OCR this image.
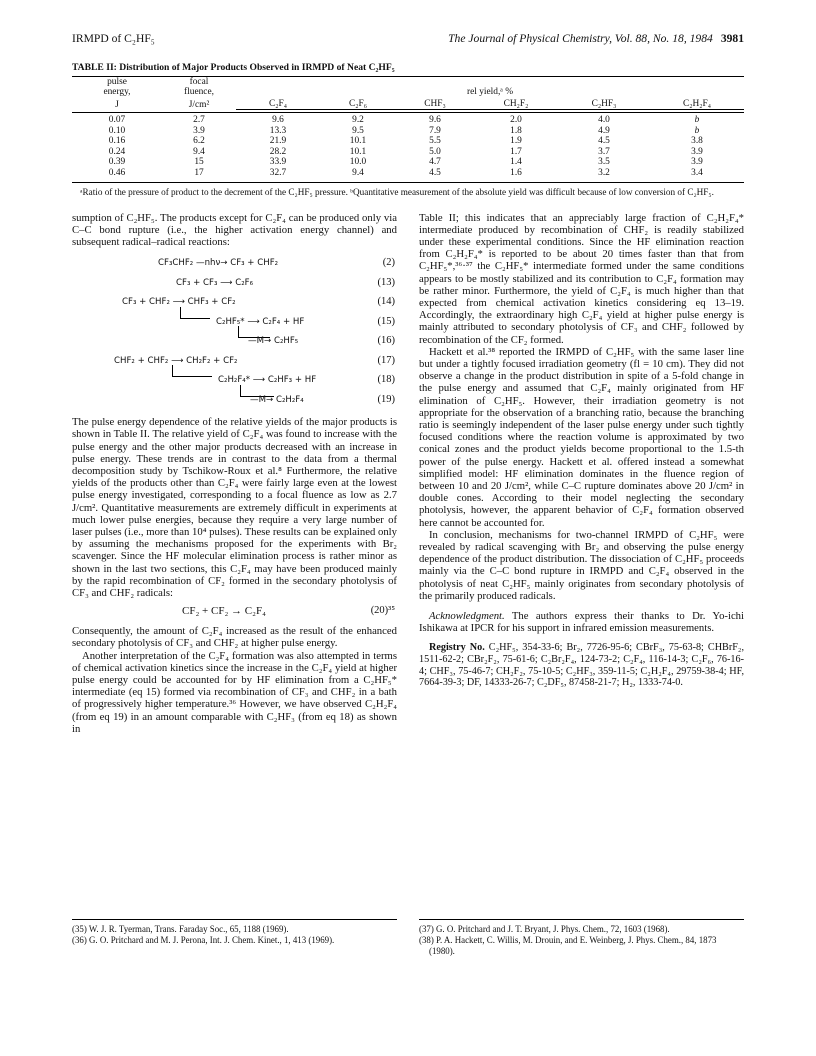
IRMPD of C₂HF₅	The Journal of Physical Chemistry, Vol. 88, No. 18, 1984 3981
TABLE II: Distribution of Major Products Observed in IRMPD of Neat C₂HF₅
pulse	focal						
energy,	fluence,	rel yield,ᵃ %					
J	J/cm²	C₂F₄	C₂F₆	CHF₃	CH₂F₂	C₂HF₃	C₂H₂F₄

0.07	2.7	9.6	9.2	9.6	2.0	4.0	b
0.10	3.9	13.3	9.5	7.9	1.8	4.9	b
0.16	6.2	21.9	10.1	5.5	1.9	4.5	3.8
0.24	9.4	28.2	10.1	5.0	1.7	3.7	3.9
0.39	15	33.9	10.0	4.7	1.4	3.5	3.9
0.46	17	32.7	9.4	4.5	1.6	3.2	3.4
ᵃRatio of the pressure of product to the decrement of the C₂HF₅ pressure. ᵇQuantitative measurement of the absolute yield was difficult because of low conversion of C₂HF₅.

sumption of C₂HF₅. The products except for C₂F₄ can be produced only via C–C bond rupture (i.e., the higher activation energy channel) and subsequent radical–radical reactions:

CF₃CHF₂ —nhν→ CF₃ + CHF₂	(2)
CF₃ + CF₃ ⟶ C₂F₆	(13)
CF₃ + CHF₂ ⟶ CHF₃ + CF₂	(14)
C₂HF₅* ⟶ C₂F₄ + HF	(15)
—M→ C₂HF₅	(16)
CHF₂ + CHF₂ ⟶ CH₂F₂ + CF₂	(17)
C₂H₂F₄* ⟶ C₂HF₃ + HF	(18)
—M→ C₂H₂F₄	(19)

The pulse energy dependence of the relative yields of the major products is shown in Table II. The relative yield of C₂F₄ was found to increase with the pulse energy and the other major products decreased with an increase in pulse energy. These trends are in contrast to the data from a thermal decomposition study by Tschikow-Roux et al.⁸ Furthermore, the relative yields of the products other than C₂F₄ were fairly large even at the lowest pulse energy investigated, corresponding to a focal fluence as low as 2.7 J/cm². Quantitative measurements are extremely difficult in experiments at much lower pulse energies, because they require a very large number of laser pulses (i.e., more than 10⁴ pulses). These results can be explained only by assuming the mechanisms proposed for the experiments with Br₂ scavenger. Since the HF molecular elimination process is rather minor as shown in the last two sections, this C₂F₄ may have been produced mainly by the rapid recombination of CF₂ formed in the secondary photolysis of CF₃ and CHF₂ radicals:

CF₂ + CF₂ → C₂F₄	(20)³⁵

Consequently, the amount of C₂F₄ increased as the result of the enhanced secondary photolysis of CF₃ and CHF₂ at higher pulse energy.

Another interpretation of the C₂F₄ formation was also attempted in terms of chemical activation kinetics since the increase in the C₂F₄ yield at higher pulse energy could be accounted for by HF elimination from a C₂HF₅* intermediate (eq 15) formed via recombination of CF₃ and CHF₂ in a bath of progressively higher temperature.³⁶ However, we have observed C₂H₂F₄ (from eq 19) in an amount comparable with C₂HF₃ (from eq 18) as shown in

Table II; this indicates that an appreciably large fraction of C₂H₂F₄* intermediate produced by recombination of CHF₂ is readily stabilized under these experimental conditions. Since the HF elimination reaction from C₂H₂F₄* is reported to be about 20 times faster than that from C₂HF₅*,³⁶·³⁷ the C₂HF₅* intermediate formed under the same conditions appears to be mostly stabilized and its contribution to C₂F₄ formation may be rather minor. Furthermore, the yield of C₂F₄ is much higher than that expected from chemical activation kinetics considering eq 13–19. Accordingly, the extraordinary high C₂F₄ yield at higher pulse energy is mainly attributed to secondary photolysis of CF₃ and CHF₂ followed by recombination of the CF₂ formed.

Hackett et al.³⁸ reported the IRMPD of C₂HF₅ with the same laser line but under a tightly focused irradiation geometry (fl = 10 cm). They did not observe a change in the product distribution in spite of a 5-fold change in the pulse energy and assumed that C₂F₄ mainly originated from HF elimination of C₂HF₅. However, their irradiation geometry is not appropriate for the observation of a branching ratio, because the branching ratio is seemingly independent of the laser pulse energy under such tightly focused conditions where the reaction volume is approximated by two conical zones and the product yields become proportional to the 1.5-th power of the pulse energy. Hackett et al. offered instead a somewhat simplified model: HF elimination dominates in the fluence region of between 10 and 20 J/cm², while C–C rupture dominates above 20 J/cm² in double cones. According to their model neglecting the secondary photolysis, however, the apparent behavior of C₂F₄ formation observed here cannot be accounted for.

In conclusion, mechanisms for two-channel IRMPD of C₂HF₅ were revealed by radical scavenging with Br₂ and observing the pulse energy dependence of the product distribution. The dissociation of C₂HF₅ proceeds mainly via the C–C bond rupture in IRMPD and C₂F₄ observed in the photolysis of neat C₂HF₅ mainly originates from secondary photolysis of the primarily produced radicals.

Acknowledgment. The authors express their thanks to Dr. Yo-ichi Ishikawa at IPCR for his support in infrared emission measurements.

Registry No. C₂HF₅, 354-33-6; Br₂, 7726-95-6; CBrF₃, 75-63-8; CHBrF₂, 1511-62-2; CBr₂F₂, 75-61-6; C₂Br₂F₄, 124-73-2; C₂F₄, 116-14-3; C₂F₆, 76-16-4; CHF₃, 75-46-7; CH₂F₂, 75-10-5; C₂HF₃, 359-11-5; C₂H₂F₄, 29759-38-4; HF, 7664-39-3; DF, 14333-26-7; C₂DF₅, 87458-21-7; H₂, 1333-74-0.

(35) W. J. R. Tyerman, Trans. Faraday Soc., 65, 1188 (1969).

(36) G. O. Pritchard and M. J. Perona, Int. J. Chem. Kinet., 1, 413 (1969).

(37) G. O. Pritchard and J. T. Bryant, J. Phys. Chem., 72, 1603 (1968).

(38) P. A. Hackett, C. Willis, M. Drouin, and E. Weinberg, J. Phys. Chem., 84, 1873 (1980).
